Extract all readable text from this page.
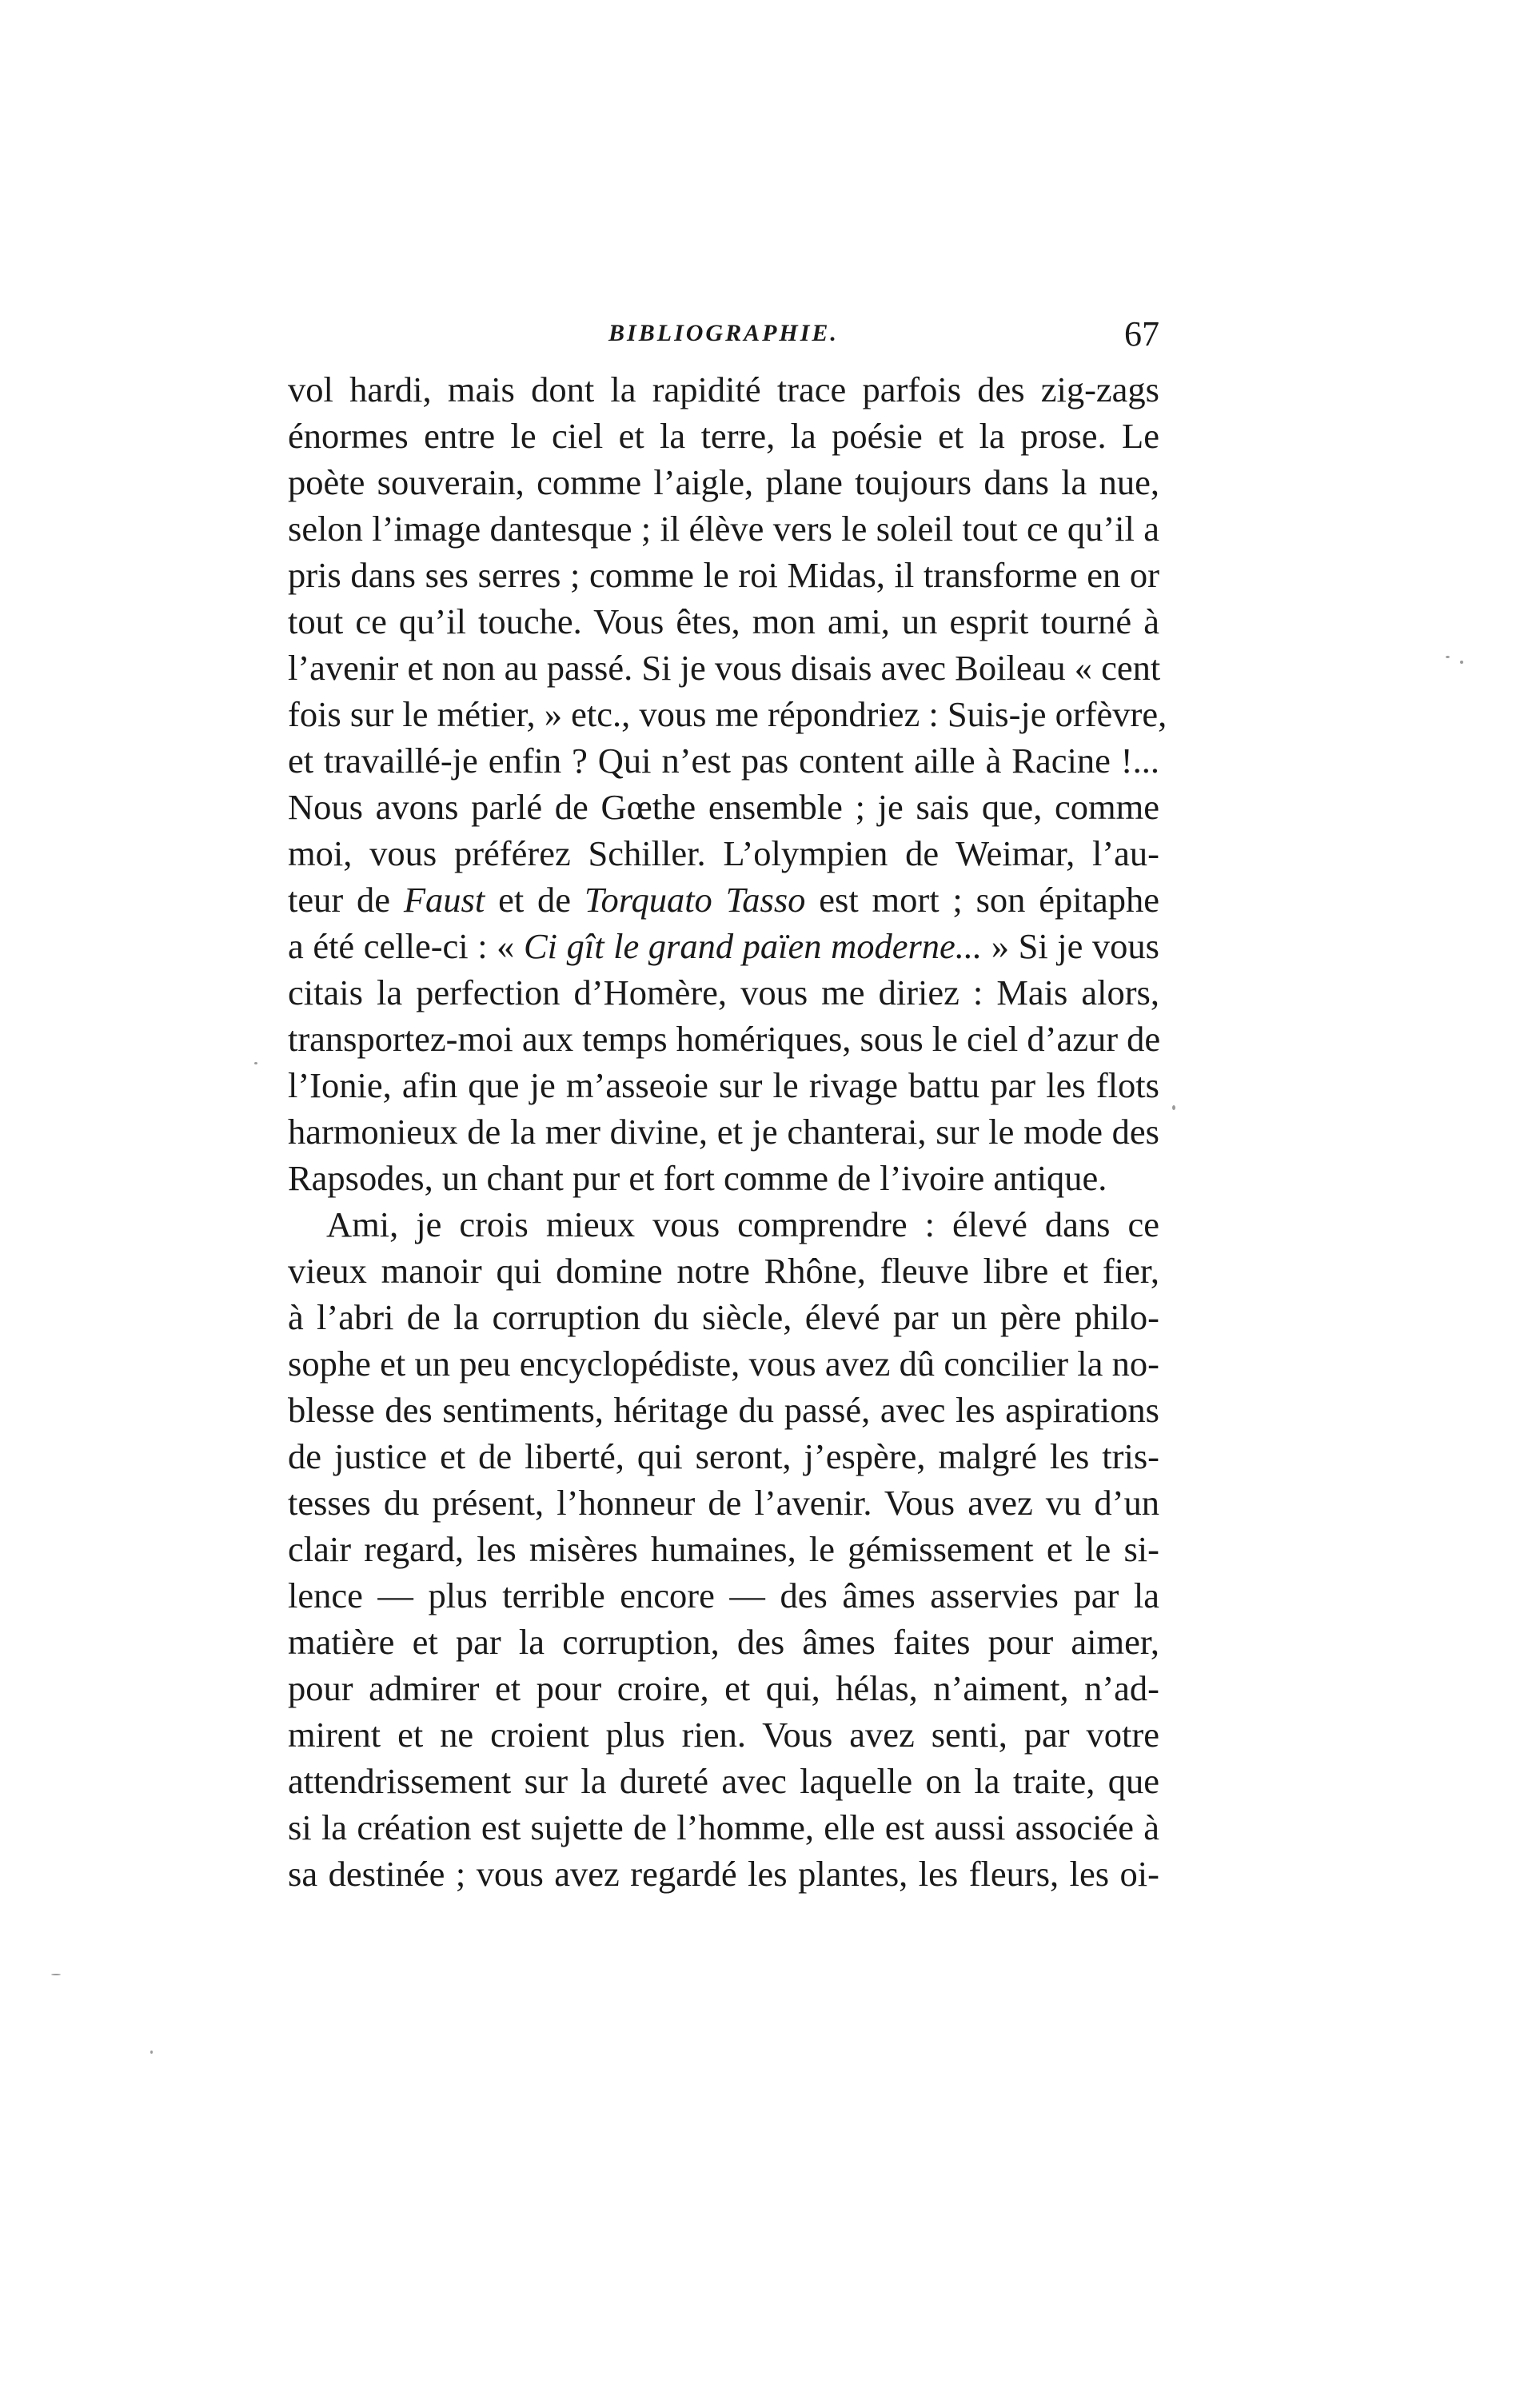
BIBLIOGRAPHIE.	67
vol hardi, mais dont la rapidité trace parfois des zig-zags
énormes entre le ciel et la terre, la poésie et la prose. Le
poète souverain, comme l’aigle, plane toujours dans la nue,
selon l’image dantesque ; il élève vers le soleil tout ce qu’il a
pris dans ses serres ; comme le roi Midas, il transforme en or
tout ce qu’il touche. Vous êtes, mon ami, un esprit tourné à
l’avenir et non au passé. Si je vous disais avec Boileau « cent
fois sur le métier, » etc., vous me répondriez : Suis-je orfèvre,
et travaillé-je enfin ? Qui n’est pas content aille à Racine !...
Nous avons parlé de Gœthe ensemble ; je sais que, comme
moi, vous préférez Schiller. L’olympien de Weimar, l’au-
teur de Faust et de Torquato Tasso est mort ; son épitaphe
a été celle-ci : « Ci gît le grand païen moderne... » Si je vous
citais la perfection d’Homère, vous me diriez : Mais alors,
transportez-moi aux temps homériques, sous le ciel d’azur de
l’Ionie, afin que je m’asseoie sur le rivage battu par les flots
harmonieux de la mer divine, et je chanterai, sur le mode des
Rapsodes, un chant pur et fort comme de l’ivoire antique.
Ami, je crois mieux vous comprendre : élevé dans ce
vieux manoir qui domine notre Rhône, fleuve libre et fier,
à l’abri de la corruption du siècle, élevé par un père philo-
sophe et un peu encyclopédiste, vous avez dû concilier la no-
blesse des sentiments, héritage du passé, avec les aspirations
de justice et de liberté, qui seront, j’espère, malgré les tris-
tesses du présent, l’honneur de l’avenir. Vous avez vu d’un
clair regard, les misères humaines, le gémissement et le si-
lence — plus terrible encore — des âmes asservies par la
matière et par la corruption, des âmes faites pour aimer,
pour admirer et pour croire, et qui, hélas, n’aiment, n’ad-
mirent et ne croient plus rien. Vous avez senti, par votre
attendrissement sur la dureté avec laquelle on la traite, que
si la création est sujette de l’homme, elle est aussi associée à
sa destinée ; vous avez regardé les plantes, les fleurs, les oi-
